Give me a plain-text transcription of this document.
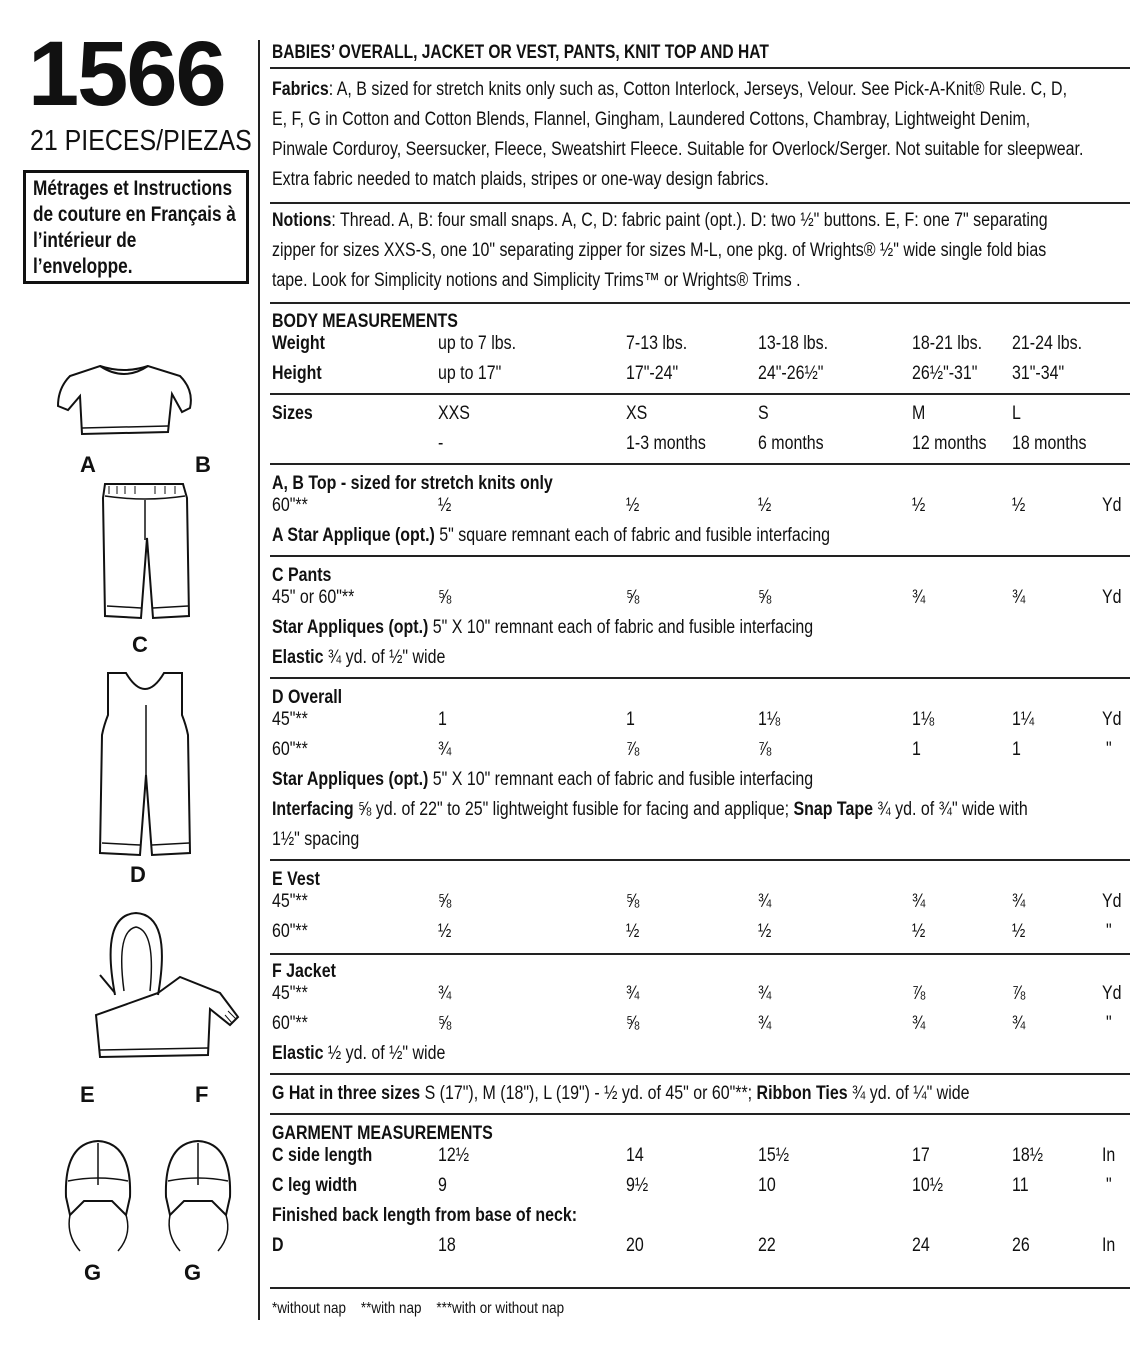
1566
21 PIECES/PIEZAS
Métrages et Instructions
de couture en Français à
l’intérieur de
l’enveloppe.
A	B
C
D
E	F
G	G
BABIES’ OVERALL, JACKET OR VEST, PANTS, KNIT TOP AND HAT
Fabrics: A, B sized for stretch knits only such as, Cotton Interlock, Jerseys, Velour. See Pick-A-Knit® Rule. C, D,
E, F, G in Cotton and Cotton Blends, Flannel, Gingham, Laundered Cottons, Chambray, Lightweight Denim,
Pinwale Corduroy, Seersucker, Fleece, Sweatshirt Fleece. Suitable for Overlock/Serger. Not suitable for sleepwear.
Extra fabric needed to match plaids, stripes or one-way design fabrics.
Notions: Thread. A, B: four small snaps. A, C, D: fabric paint (opt.). D: two ½" buttons. E, F: one 7" separating
zipper for sizes XXS-S, one 10" separating zipper for sizes M-L, one pkg. of Wrights® ½" wide single fold bias
tape. Look for Simplicity notions and Simplicity Trims™ or Wrights® Trims .
BODY MEASUREMENTS
Weight	up to 7 lbs.	7-13 lbs.	13-18 lbs.	18-21 lbs. 21-24 lbs.
Height	up to 17"	17"-24"	24"-26½"	26½"-31" 31"-34"
Sizes	XXS	XS	S	M	L
-	1-3 months	6 months	12 months 18 months
A, B Top - sized for stretch knits only
60"**	½	½	½	½	½	Yd
A Star Applique (opt.) 5" square remnant each of fabric and fusible interfacing
C Pants
45" or 60"**	⅝	⅝	⅝	¾	¾	Yd
Star Appliques (opt.) 5" X 10" remnant each of fabric and fusible interfacing
Elastic ¾ yd. of ½" wide
D Overall
45"**	1	1	1⅛	1⅛	1¼	Yd
60"**	¾	⅞	⅞	1	1	"
Star Appliques (opt.) 5" X 10" remnant each of fabric and fusible interfacing
Interfacing ⅝ yd. of 22" to 25" lightweight fusible for facing and applique; Snap Tape ¾ yd. of ¾" wide with
1½" spacing
E Vest
45"**	⅝	⅝	¾	¾	¾	Yd
60"**	½	½	½	½	½	"
F Jacket
45"**	¾	¾	¾	⅞	⅞	Yd
60"**	⅝	⅝	¾	¾	¾	"
Elastic ½ yd. of ½" wide
G Hat in three sizes S (17"), M (18"), L (19") - ½ yd. of 45" or 60"**; Ribbon Ties ¾ yd. of ¼" wide
GARMENT MEASUREMENTS
C side length	12½	14	15½	17	18½	In
C leg width	9	9½	10	10½	11	"
Finished back length from base of neck:
D	18	20	22	24	26	In
*without nap    **with nap    ***with or without nap
